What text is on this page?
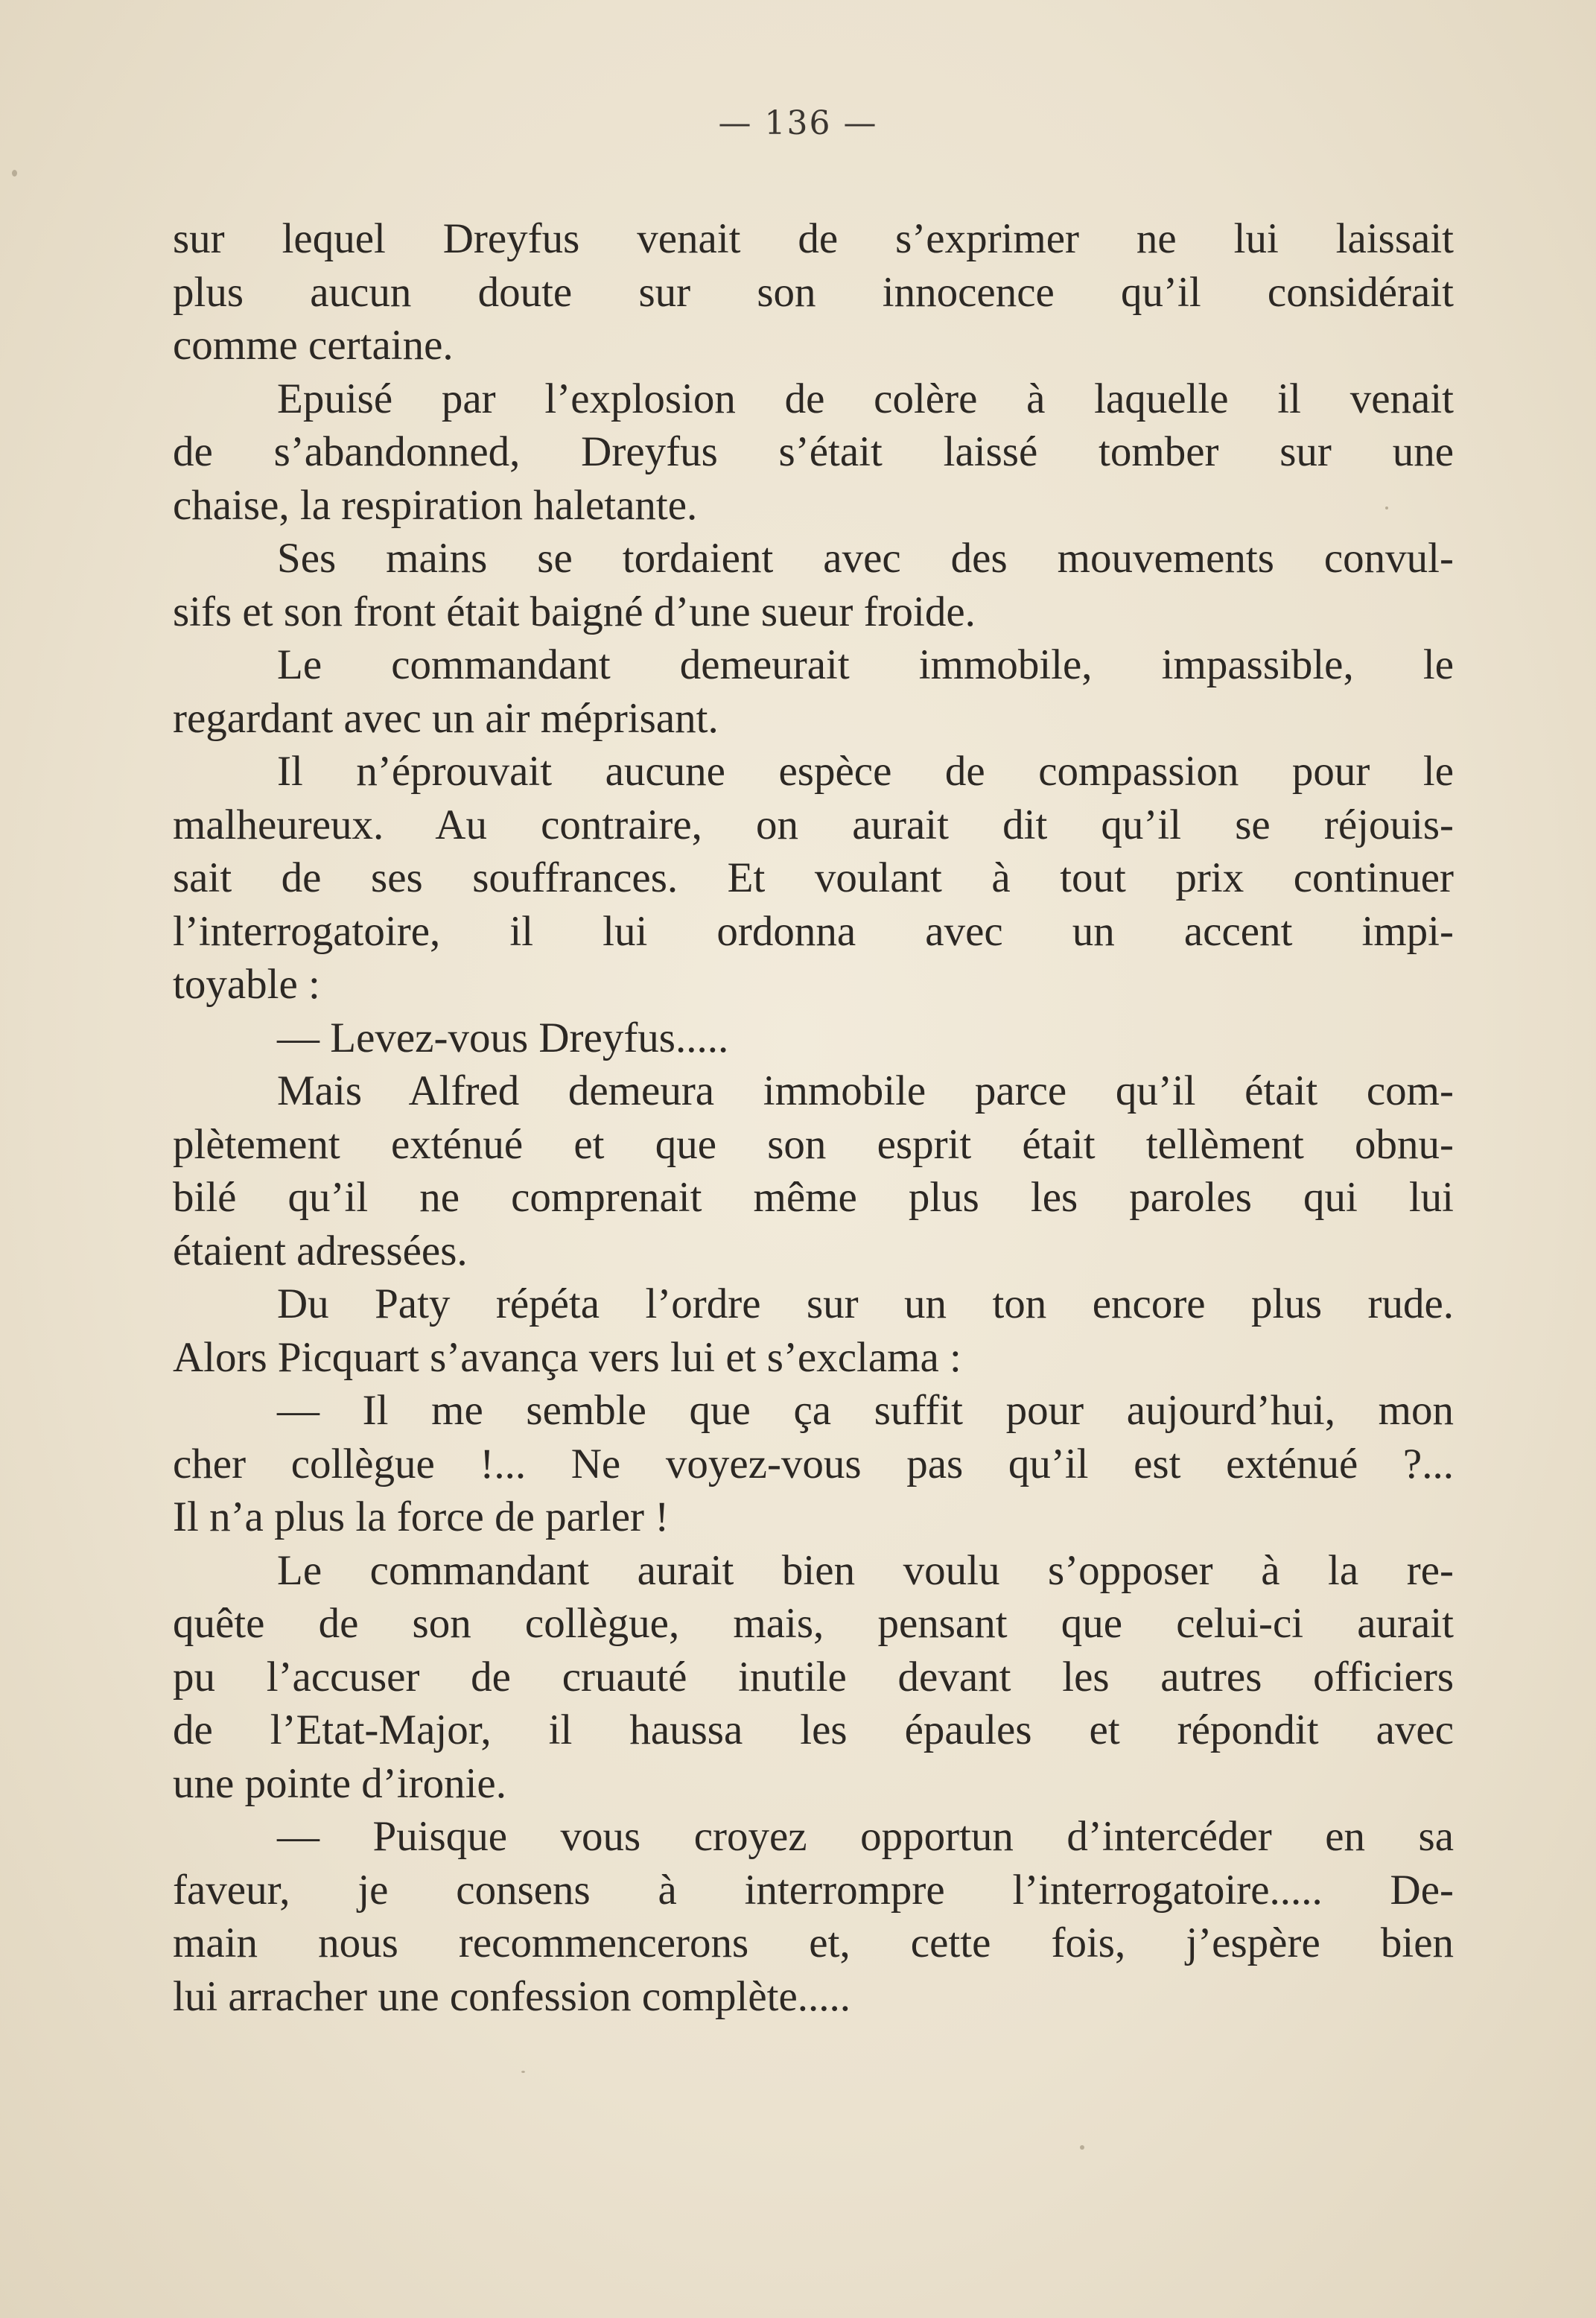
— 136 —
sur lequel Dreyfus venait de s’exprimer ne lui laissait
plus aucun doute sur son innocence qu’il considérait
comme certaine.
Epuisé par l’explosion de colère à laquelle il venait
de s’abandonned, Dreyfus s’était laissé tomber sur une
chaise, la respiration haletante.
Ses mains se tordaient avec des mouvements convul-
sifs et son front était baigné d’une sueur froide.
Le commandant demeurait immobile, impassible, le
regardant avec un air méprisant.
Il n’éprouvait aucune espèce de compassion pour le
malheureux. Au contraire, on aurait dit qu’il se réjouis-
sait de ses souffrances. Et voulant à tout prix continuer
l’interrogatoire, il lui ordonna avec un accent impi-
toyable :
— Levez-vous Dreyfus.....
Mais Alfred demeura immobile parce qu’il était com-
plètement exténué et que son esprit était tellèment obnu-
bilé qu’il ne comprenait même plus les paroles qui lui
étaient adressées.
Du Paty répéta l’ordre sur un ton encore plus rude.
Alors Picquart s’avança vers lui et s’exclama :
— Il me semble que ça suffit pour aujourd’hui, mon
cher collègue !... Ne voyez-vous pas qu’il est exténué ?...
Il n’a plus la force de parler !
Le commandant aurait bien voulu s’opposer à la re-
quête de son collègue, mais, pensant que celui-ci aurait
pu l’accuser de cruauté inutile devant les autres officiers
de l’Etat-Major, il haussa les épaules et répondit avec
une pointe d’ironie.
— Puisque vous croyez opportun d’intercéder en sa
faveur, je consens à interrompre l’interrogatoire..... De-
main nous recommencerons et, cette fois, j’espère bien
lui arracher une confession complète.....
